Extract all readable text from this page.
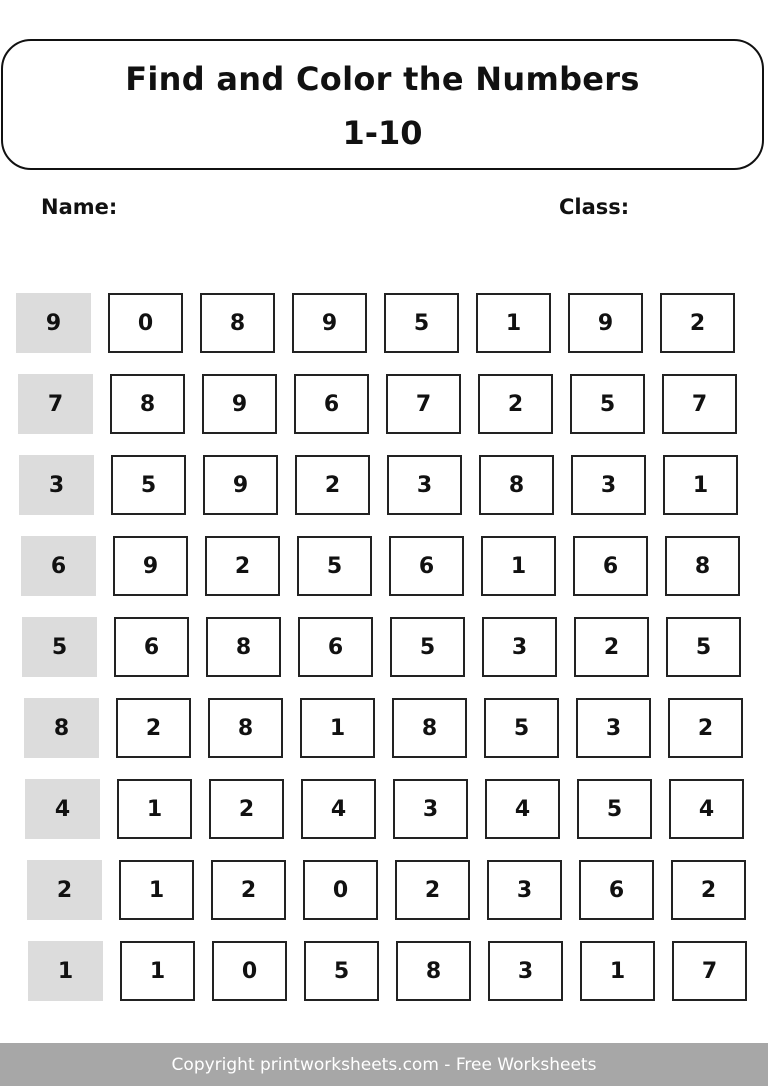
Find and Color the Numbers
1-10
Name:	Class:
9	0	8	9	5	1	9	2
7	8	9	6	7	2	5	7
3	5	9	2	3	8	3	1
6	9	2	5	6	1	6	8
5	6	8	6	5	3	2	5
8	2	8	1	8	5	3	2
4	1	2	4	3	4	5	4
2	1	2	0	2	3	6	2
1	1	0	5	8	3	1	7
Copyright printworksheets.com - Free Worksheets
